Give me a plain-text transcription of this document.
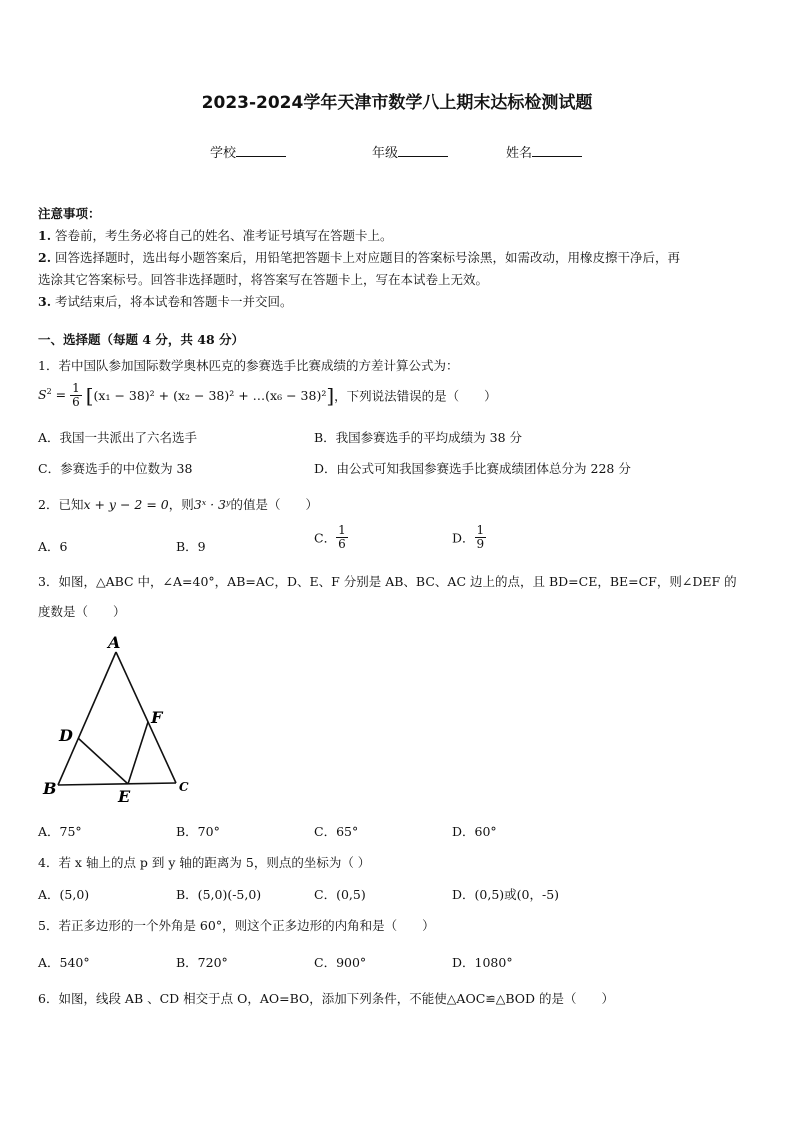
2023-2024学年天津市数学八上期末达标检测试题
学校	年级	姓名
注意事项：
1. 答卷前，考生务必将自己的姓名、准考证号填写在答题卡上。
2. 回答选择题时，选出每小题答案后，用铅笔把答题卡上对应题目的答案标号涂黑，如需改动，用橡皮擦干净后，再
选涂其它答案标号。回答非选择题时，将答案写在答题卡上，写在本试卷上无效。
3. 考试结束后，将本试卷和答题卡一并交回。
一、选择题（每题 4 分，共 48 分）
1．若中国队参加国际数学奥林匹克的参赛选手比赛成绩的方差计算公式为：
$S^2 = \frac{1}{6} [(x_1 - 38)^2 + (x_2 - 38)^2$ + …(x₆ − 38)²]，下列说法错误的是（　　）
A．我国一共派出了六名选手	B．我国参赛选手的平均成绩为 38 分
C．参赛选手的中位数为 38	D．由公式可知我国参赛选手比赛成绩团体总分为 228 分
2．已知x + y − 2 = 0，则3ˣ · 3ʸ的值是（　　）
A．6	B．9
C． $\frac{1}{6}$	D． $\frac{1}{9}$
3．如图，△ABC 中，∠A=40°，AB=AC，D、E、F 分别是 AB、BC、AC 边上的点，且 BD=CE，BE=CF，则∠DEF 的
度数是（　　）
A
B	C
D
E
F
A．75°	B．70°	C．65°	D．60°
4．若 x 轴上的点 p 到 y 轴的距离为 5，则点的坐标为（ ）
A．(5,0)	B．(5,0)(-5,0)	C．(0,5)	D．(0,5)或(0，-5)
5．若正多边形的一个外角是 60°，则这个正多边形的内角和是（　　）
A．540°	B．720°	C．900°	D．1080°
6．如图，线段 AB 、CD 相交于点 O，AO=BO，添加下列条件，不能使△AOC≌△BOD 的是（　　）
